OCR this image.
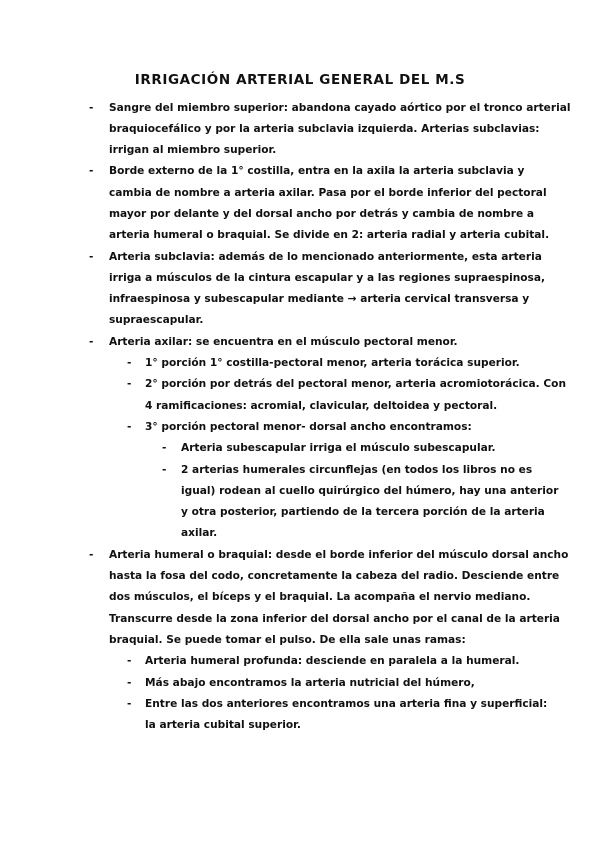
IRRIGACIÓN ARTERIAL GENERAL DEL M.S
- Sangre del miembro superior: abandona cayado aórtico por el tronco arterial
braquiocefálico y por la arteria subclavia izquierda. Arterias subclavias:
irrigan al miembro superior.
- Borde externo de la 1° costilla, entra en la axila la arteria subclavia y
cambia de nombre a arteria axilar. Pasa por el borde inferior del pectoral
mayor por delante y del dorsal ancho por detrás y cambia de nombre a
arteria humeral o braquial. Se divide en 2: arteria radial y arteria cubital.
- Arteria subclavia: además de lo mencionado anteriormente, esta arteria
irriga a músculos de la cintura escapular y a las regiones supraespinosa,
infraespinosa y subescapular mediante → arteria cervical transversa y
supraescapular.
- Arteria axilar: se encuentra en el músculo pectoral menor.
- 1° porción 1° costilla-pectoral menor, arteria torácica superior.
- 2° porción por detrás del pectoral menor, arteria acromiotorácica. Con
4 ramificaciones: acromial, clavicular, deltoidea y pectoral.
- 3° porción pectoral menor- dorsal ancho encontramos:
- Arteria subescapular irriga el músculo subescapular.
- 2 arterias humerales circunflejas (en todos los libros no es
igual) rodean al cuello quirúrgico del húmero, hay una anterior
y otra posterior, partiendo de la tercera porción de la arteria
axilar.
- Arteria humeral o braquial: desde el borde inferior del músculo dorsal ancho
hasta la fosa del codo, concretamente la cabeza del radio. Desciende entre
dos músculos, el bíceps y el braquial. La acompaña el nervio mediano.
Transcurre desde la zona inferior del dorsal ancho por el canal de la arteria
braquial. Se puede tomar el pulso. De ella sale unas ramas:
- Arteria humeral profunda: desciende en paralela a la humeral.
- Más abajo encontramos la arteria nutricial del húmero,
- Entre las dos anteriores encontramos una arteria fina y superficial:
la arteria cubital superior.
